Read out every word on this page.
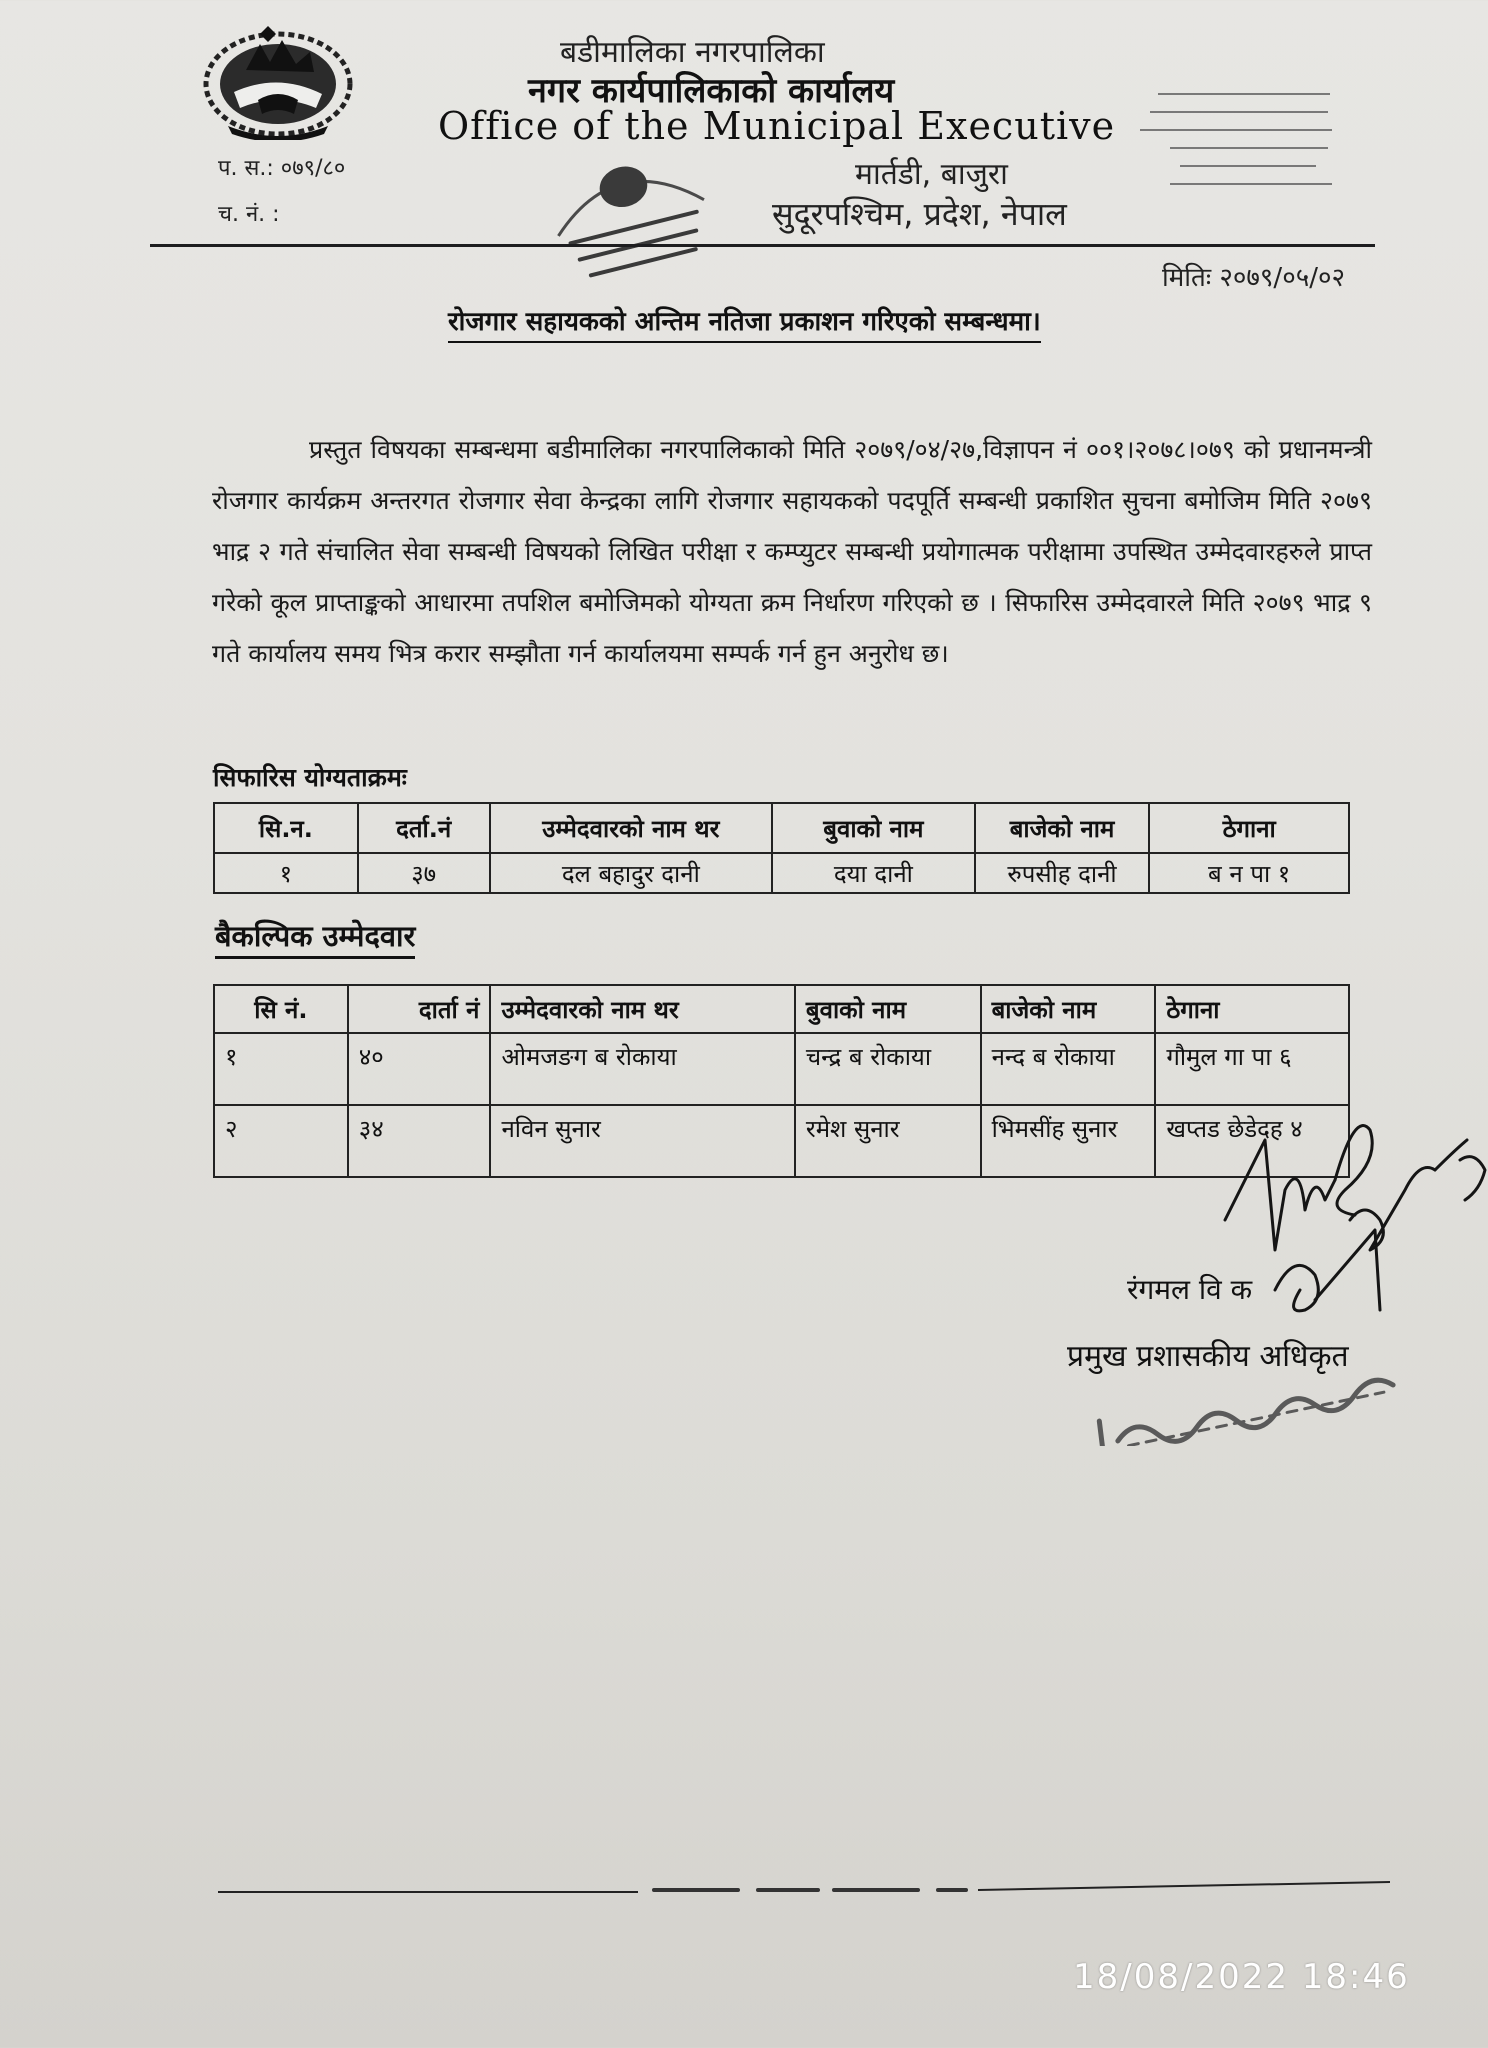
बडीमालिका नगरपालिका
नगर कार्यपालिकाको कार्यालय
Office of the Municipal Executive
मार्तडी, बाजुरा
सुदूरपश्चिम, प्रदेश, नेपाल
प. स.: ०७९/८०
च. नं. :
मितिः २०७९/०५/०२
रोजगार सहायकको अन्तिम नतिजा प्रकाशन गरिएको सम्बन्धमा।
प्रस्तुत विषयका सम्बन्धमा बडीमालिका नगरपालिकाको मिति २०७९/०४/२७,विज्ञापन नं ००१।२०७८।०७९ को प्रधानमन्त्री रोजगार कार्यक्रम अन्तरगत रोजगार सेवा केन्द्रका लागि रोजगार सहायकको पदपूर्ति सम्बन्धी प्रकाशित सुचना बमोजिम मिति २०७९ भाद्र २ गते संचालित सेवा सम्बन्धी विषयको लिखित परीक्षा र कम्प्युटर सम्बन्धी प्रयोगात्मक परीक्षामा उपस्थित उम्मेदवारहरुले प्राप्त गरेको कूल प्राप्ताङ्कको आधारमा तपशिल बमोजिमको योग्यता क्रम निर्धारण गरिएको छ । सिफारिस उम्मेदवारले मिति २०७९ भाद्र ९ गते कार्यालय समय भित्र करार सम्झौता गर्न कार्यालयमा सम्पर्क गर्न हुन अनुरोध छ।
सिफारिस योग्यताक्रमः
सि.न.	दर्ता.नं	उम्मेदवारको नाम थर	बुवाको नाम	बाजेको नाम	ठेगाना
१	३७	दल बहादुर दानी	दया दानी	रुपसीह दानी	ब न पा १
बैकल्पिक उम्मेदवार
सि नं.	दार्ता नं	उम्मेदवारको नाम थर	बुवाको नाम	बाजेको नाम	ठेगाना
१	४०	ओमजङग ब रोकाया	चन्द्र ब रोकाया	नन्द ब रोकाया	गौमुल गा पा ६
२	३४	नविन सुनार	रमेश सुनार	भिमसींह सुनार	खप्तड छेडेदह ४
रंगमल वि क
प्रमुख प्रशासकीय अधिकृत
18/08/2022 18:46
